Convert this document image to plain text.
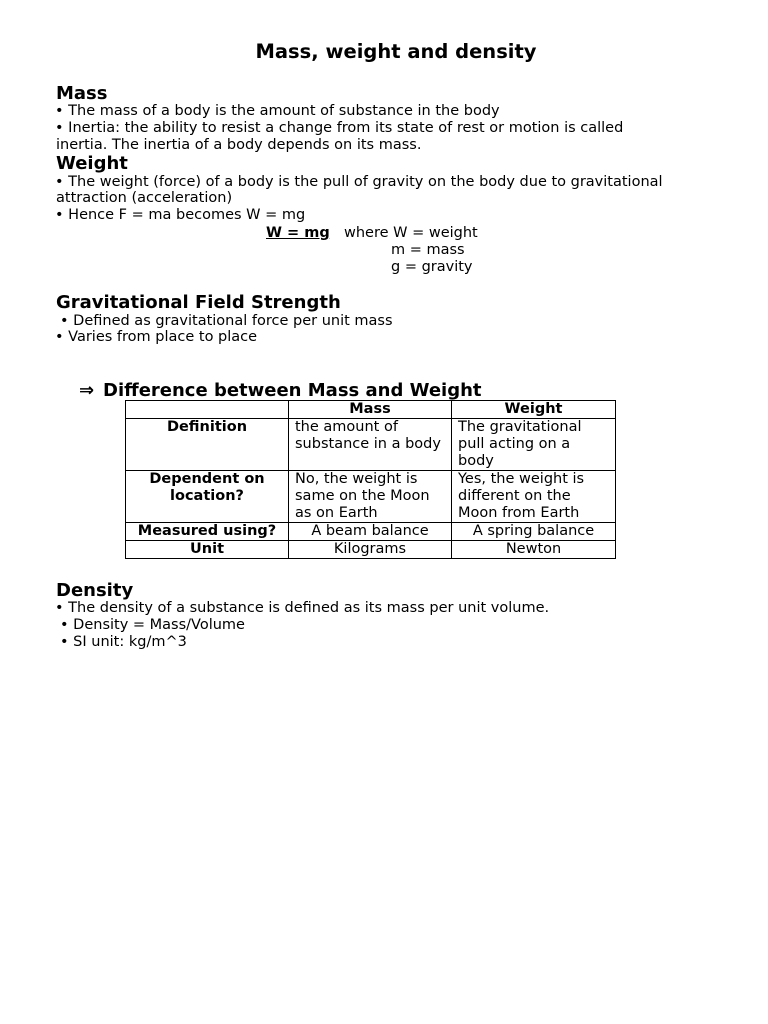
Mass, weight and density
Mass
• The mass of a body is the amount of substance in the body
• Inertia: the ability to resist a change from its state of rest or motion is called
inertia. The inertia of a body depends on its mass.
Weight
• The weight (force) of a body is the pull of gravity on the body due to gravitational
attraction (acceleration)
• Hence F = ma becomes W = mg
W = mg where W = weight
m = mass
g = gravity
Gravitational Field Strength
• Defined as gravitational force per unit mass
• Varies from place to place
⇒ Difference between Mass and Weight
	Mass	Weight
Definition	the amount of substance in a body	The gravitational pull acting on a body
Dependent on location?	No, the weight is same on the Moon as on Earth	Yes, the weight is different on the Moon from Earth
Measured using?	A beam balance	A spring balance
Unit	Kilograms	Newton
Density
• The density of a substance is defined as its mass per unit volume.
• Density = Mass/Volume
• SI unit: kg/m^3
